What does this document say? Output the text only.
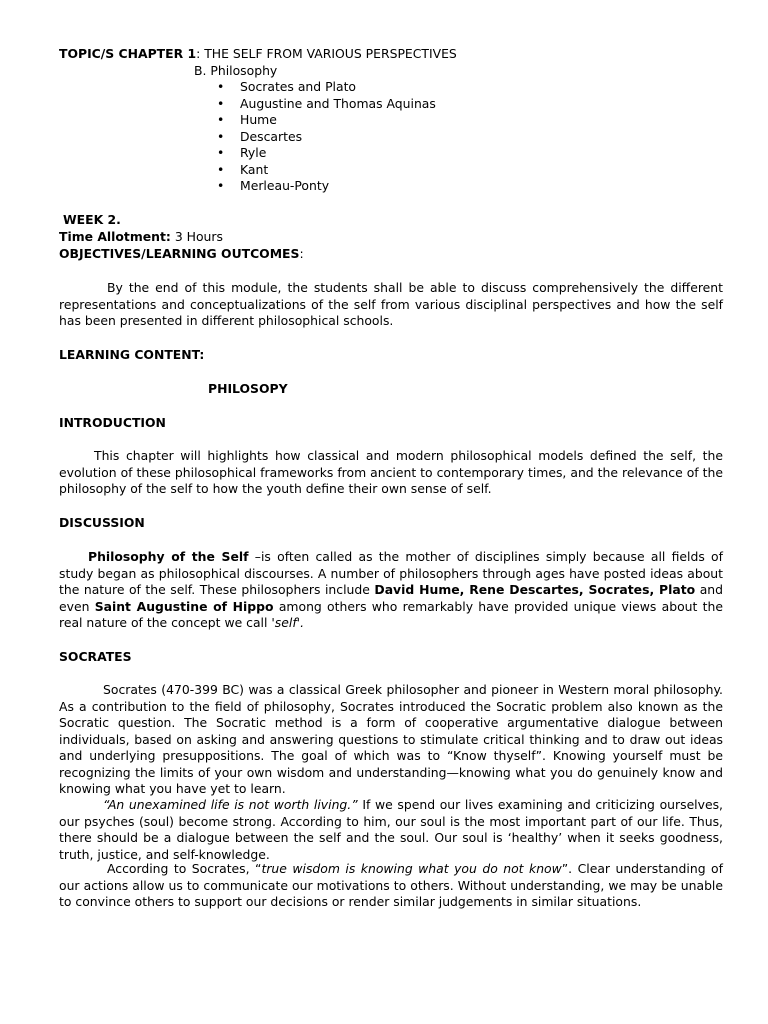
TOPIC/S CHAPTER 1: THE SELF FROM VARIOUS PERSPECTIVES
B. Philosophy
• Socrates and Plato
• Augustine and Thomas Aquinas
• Hume
• Descartes
• Ryle
• Kant
• Merleau-Ponty
WEEK 2.
Time Allotment: 3 Hours
OBJECTIVES/LEARNING OUTCOMES:

By the end of this module, the students shall be able to discuss comprehensively the different representations and conceptualizations of the self from various disciplinal perspectives and how the self has been presented in different philosophical schools.

LEARNING CONTENT:
PHILOSOPY
INTRODUCTION

This chapter will highlights how classical and modern philosophical models defined the self, the evolution of these philosophical frameworks from ancient to contemporary times, and the relevance of the philosophy of the self to how the youth define their own sense of self.

DISCUSSION

Philosophy of the Self –is often called as the mother of disciplines simply because all fields of study began as philosophical discourses. A number of philosophers through ages have posted ideas about the nature of the self. These philosophers include David Hume, Rene Descartes, Socrates, Plato and even Saint Augustine of Hippo among others who remarkably have provided unique views about the real nature of the concept we call 'self'.

SOCRATES

Socrates (470-399 BC) was a classical Greek philosopher and pioneer in Western moral philosophy. As a contribution to the field of philosophy, Socrates introduced the Socratic problem also known as the Socratic question. The Socratic method is a form of cooperative argumentative dialogue between individuals, based on asking and answering questions to stimulate critical thinking and to draw out ideas and underlying presuppositions. The goal of which was to “Know thyself”. Knowing yourself must be recognizing the limits of your own wisdom and understanding—knowing what you do genuinely know and knowing what you have yet to learn.

“An unexamined life is not worth living.” If we spend our lives examining and criticizing ourselves, our psyches (soul) become strong. According to him, our soul is the most important part of our life. Thus, there should be a dialogue between the self and the soul. Our soul is ‘healthy’ when it seeks goodness, truth, justice, and self-knowledge.

According to Socrates, “true wisdom is knowing what you do not know”. Clear understanding of our actions allow us to communicate our motivations to others. Without understanding, we may be unable to convince others to support our decisions or render similar judgements in similar situations.
